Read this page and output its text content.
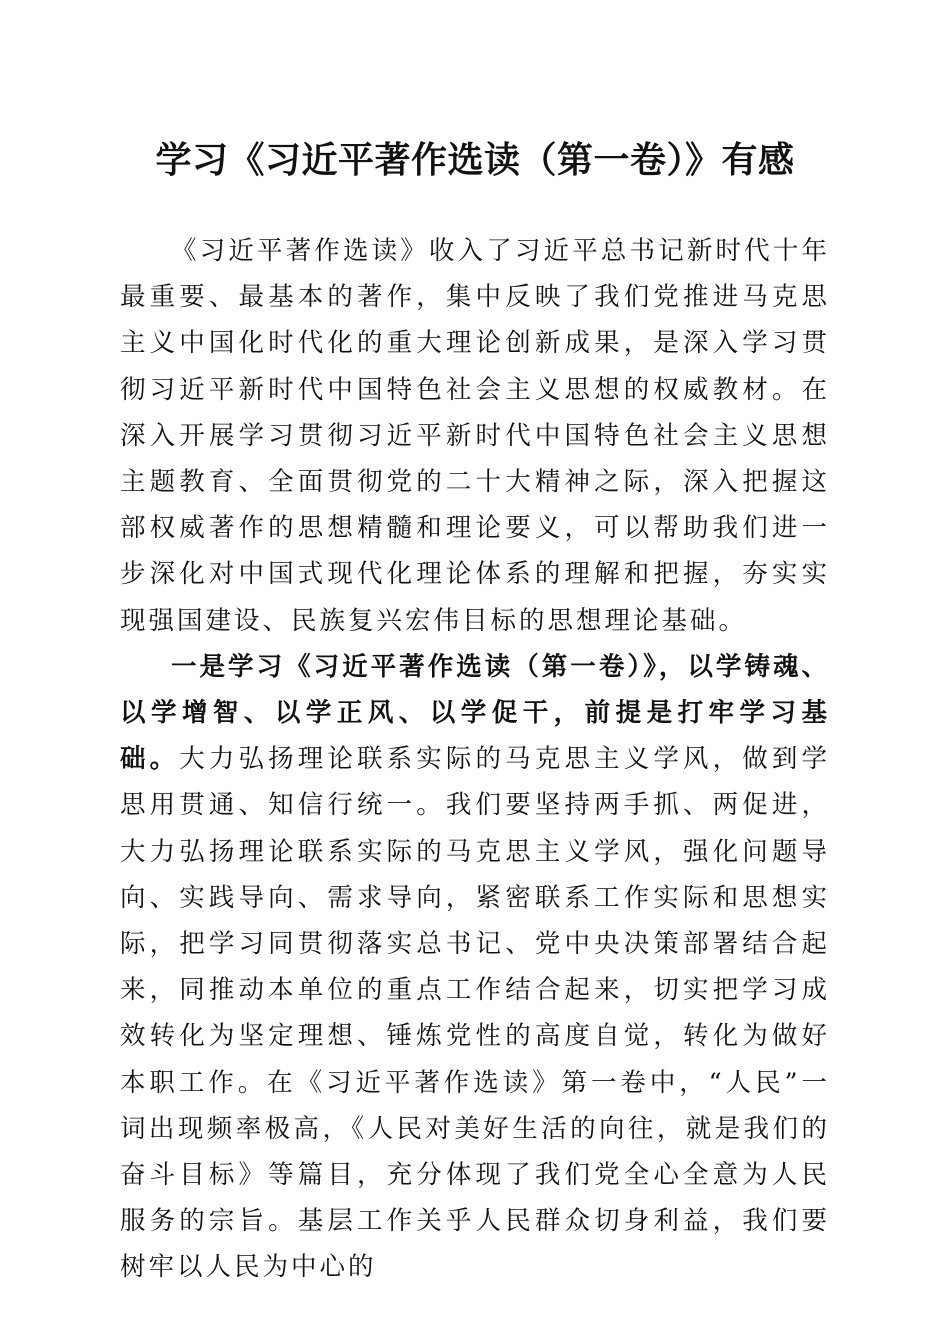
学习《习近平著作选读（第一卷）》有感

《习近平著作选读》收入了习近平总书记新时代十年最重要、最基本的著作，集中反映了我们党推进马克思主义中国化时代化的重大理论创新成果，是深入学习贯彻习近平新时代中国特色社会主义思想的权威教材。在深入开展学习贯彻习近平新时代中国特色社会主义思想主题教育、全面贯彻党的二十大精神之际，深入把握这部权威著作的思想精髓和理论要义，可以帮助我们进一步深化对中国式现代化理论体系的理解和把握，夯实实现强国建设、民族复兴宏伟目标的思想理论基础。

一是学习《习近平著作选读（第一卷）》，以学铸魂、以学增智、以学正风、以学促干，前提是打牢学习基础。大力弘扬理论联系实际的马克思主义学风，做到学思用贯通、知信行统一。我们要坚持两手抓、两促进，大力弘扬理论联系实际的马克思主义学风，强化问题导向、实践导向、需求导向，紧密联系工作实际和思想实际，把学习同贯彻落实总书记、党中央决策部署结合起来，同推动本单位的重点工作结合起来，切实把学习成效转化为坚定理想、锤炼党性的高度自觉，转化为做好本职工作。在《习近平著作选读》第一卷中，“人民”一词出现频率极高，《人民对美好生活的向往，就是我们的奋斗目标》等篇目，充分体现了我们党全心全意为人民服务的宗旨。基层工作关乎人民群众切身利益，我们要树牢以人民为中心的
